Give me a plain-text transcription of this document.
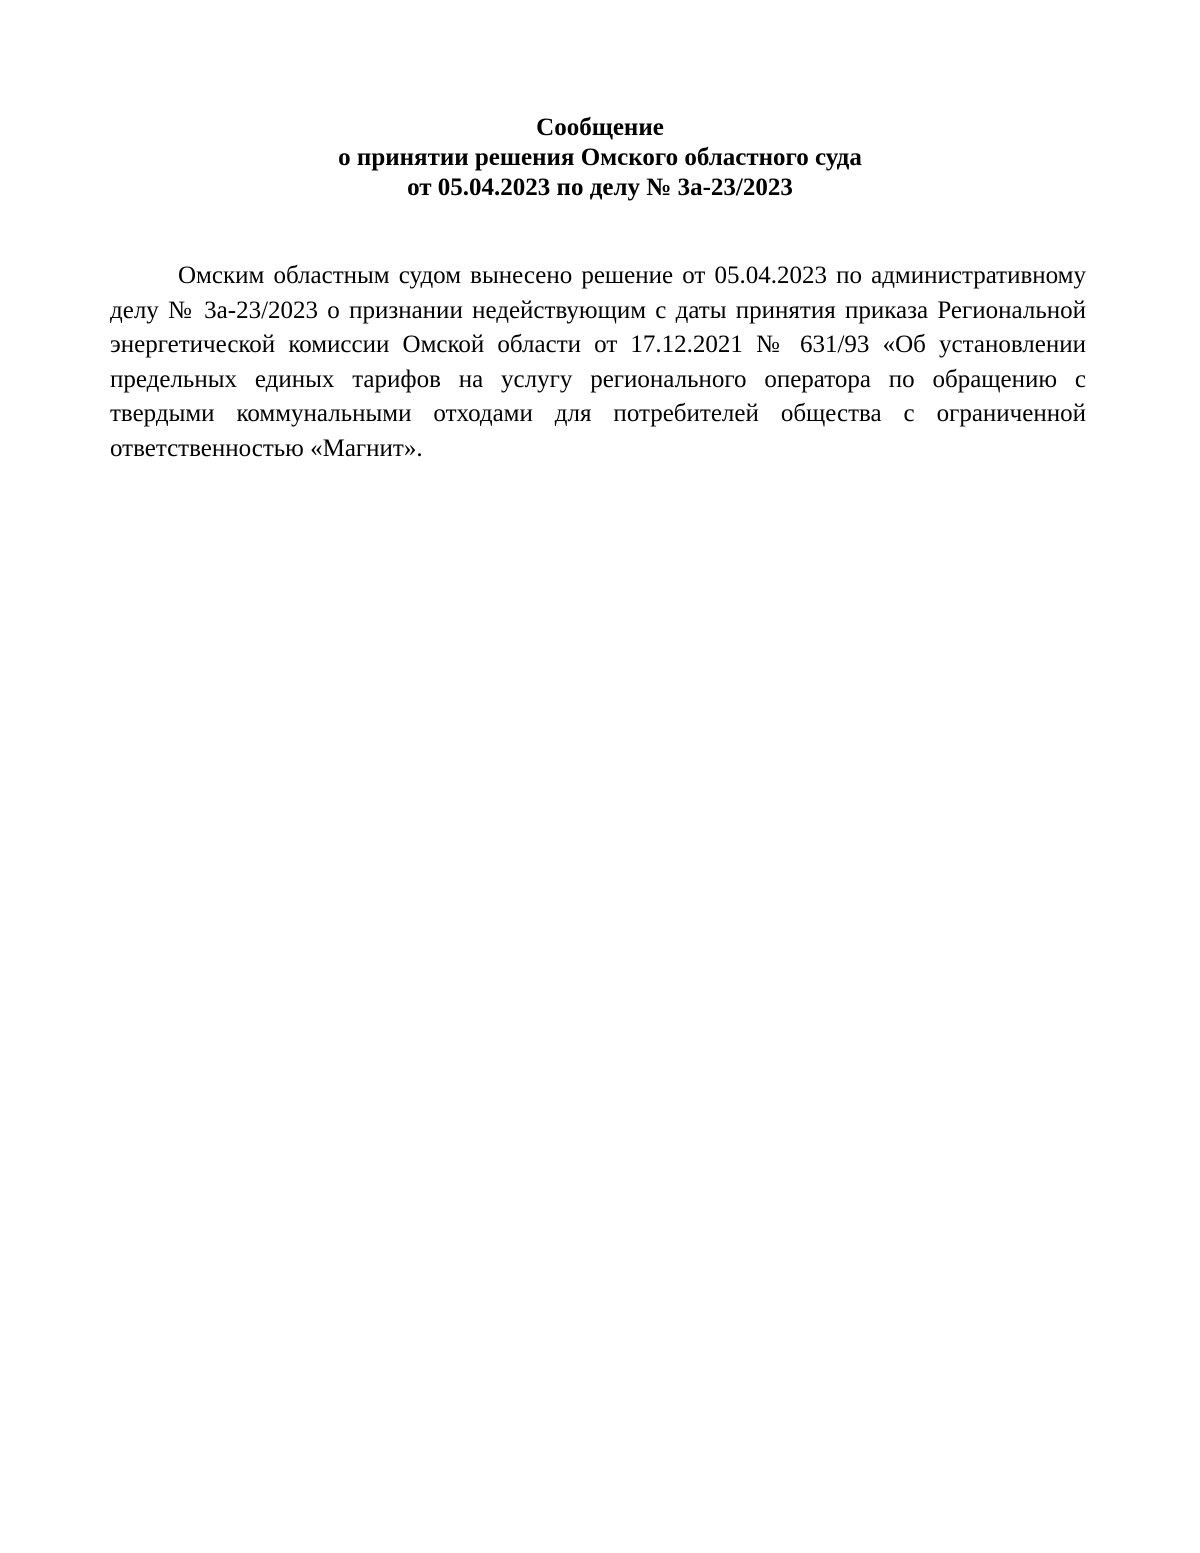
Сообщение
о принятии решения Омского областного суда
от 05.04.2023 по делу № 3а-23/2023

Омским областным судом вынесено решение от 05.04.2023 по административному делу № 3а-23/2023 о признании недействующим с даты принятия приказа Региональной энергетической комиссии Омской области от 17.12.2021 № 631/93 «Об установлении предельных единых тарифов на услугу регионального оператора по обращению с твердыми коммунальными отходами для потребителей общества с ограниченной ответственностью «Магнит».
